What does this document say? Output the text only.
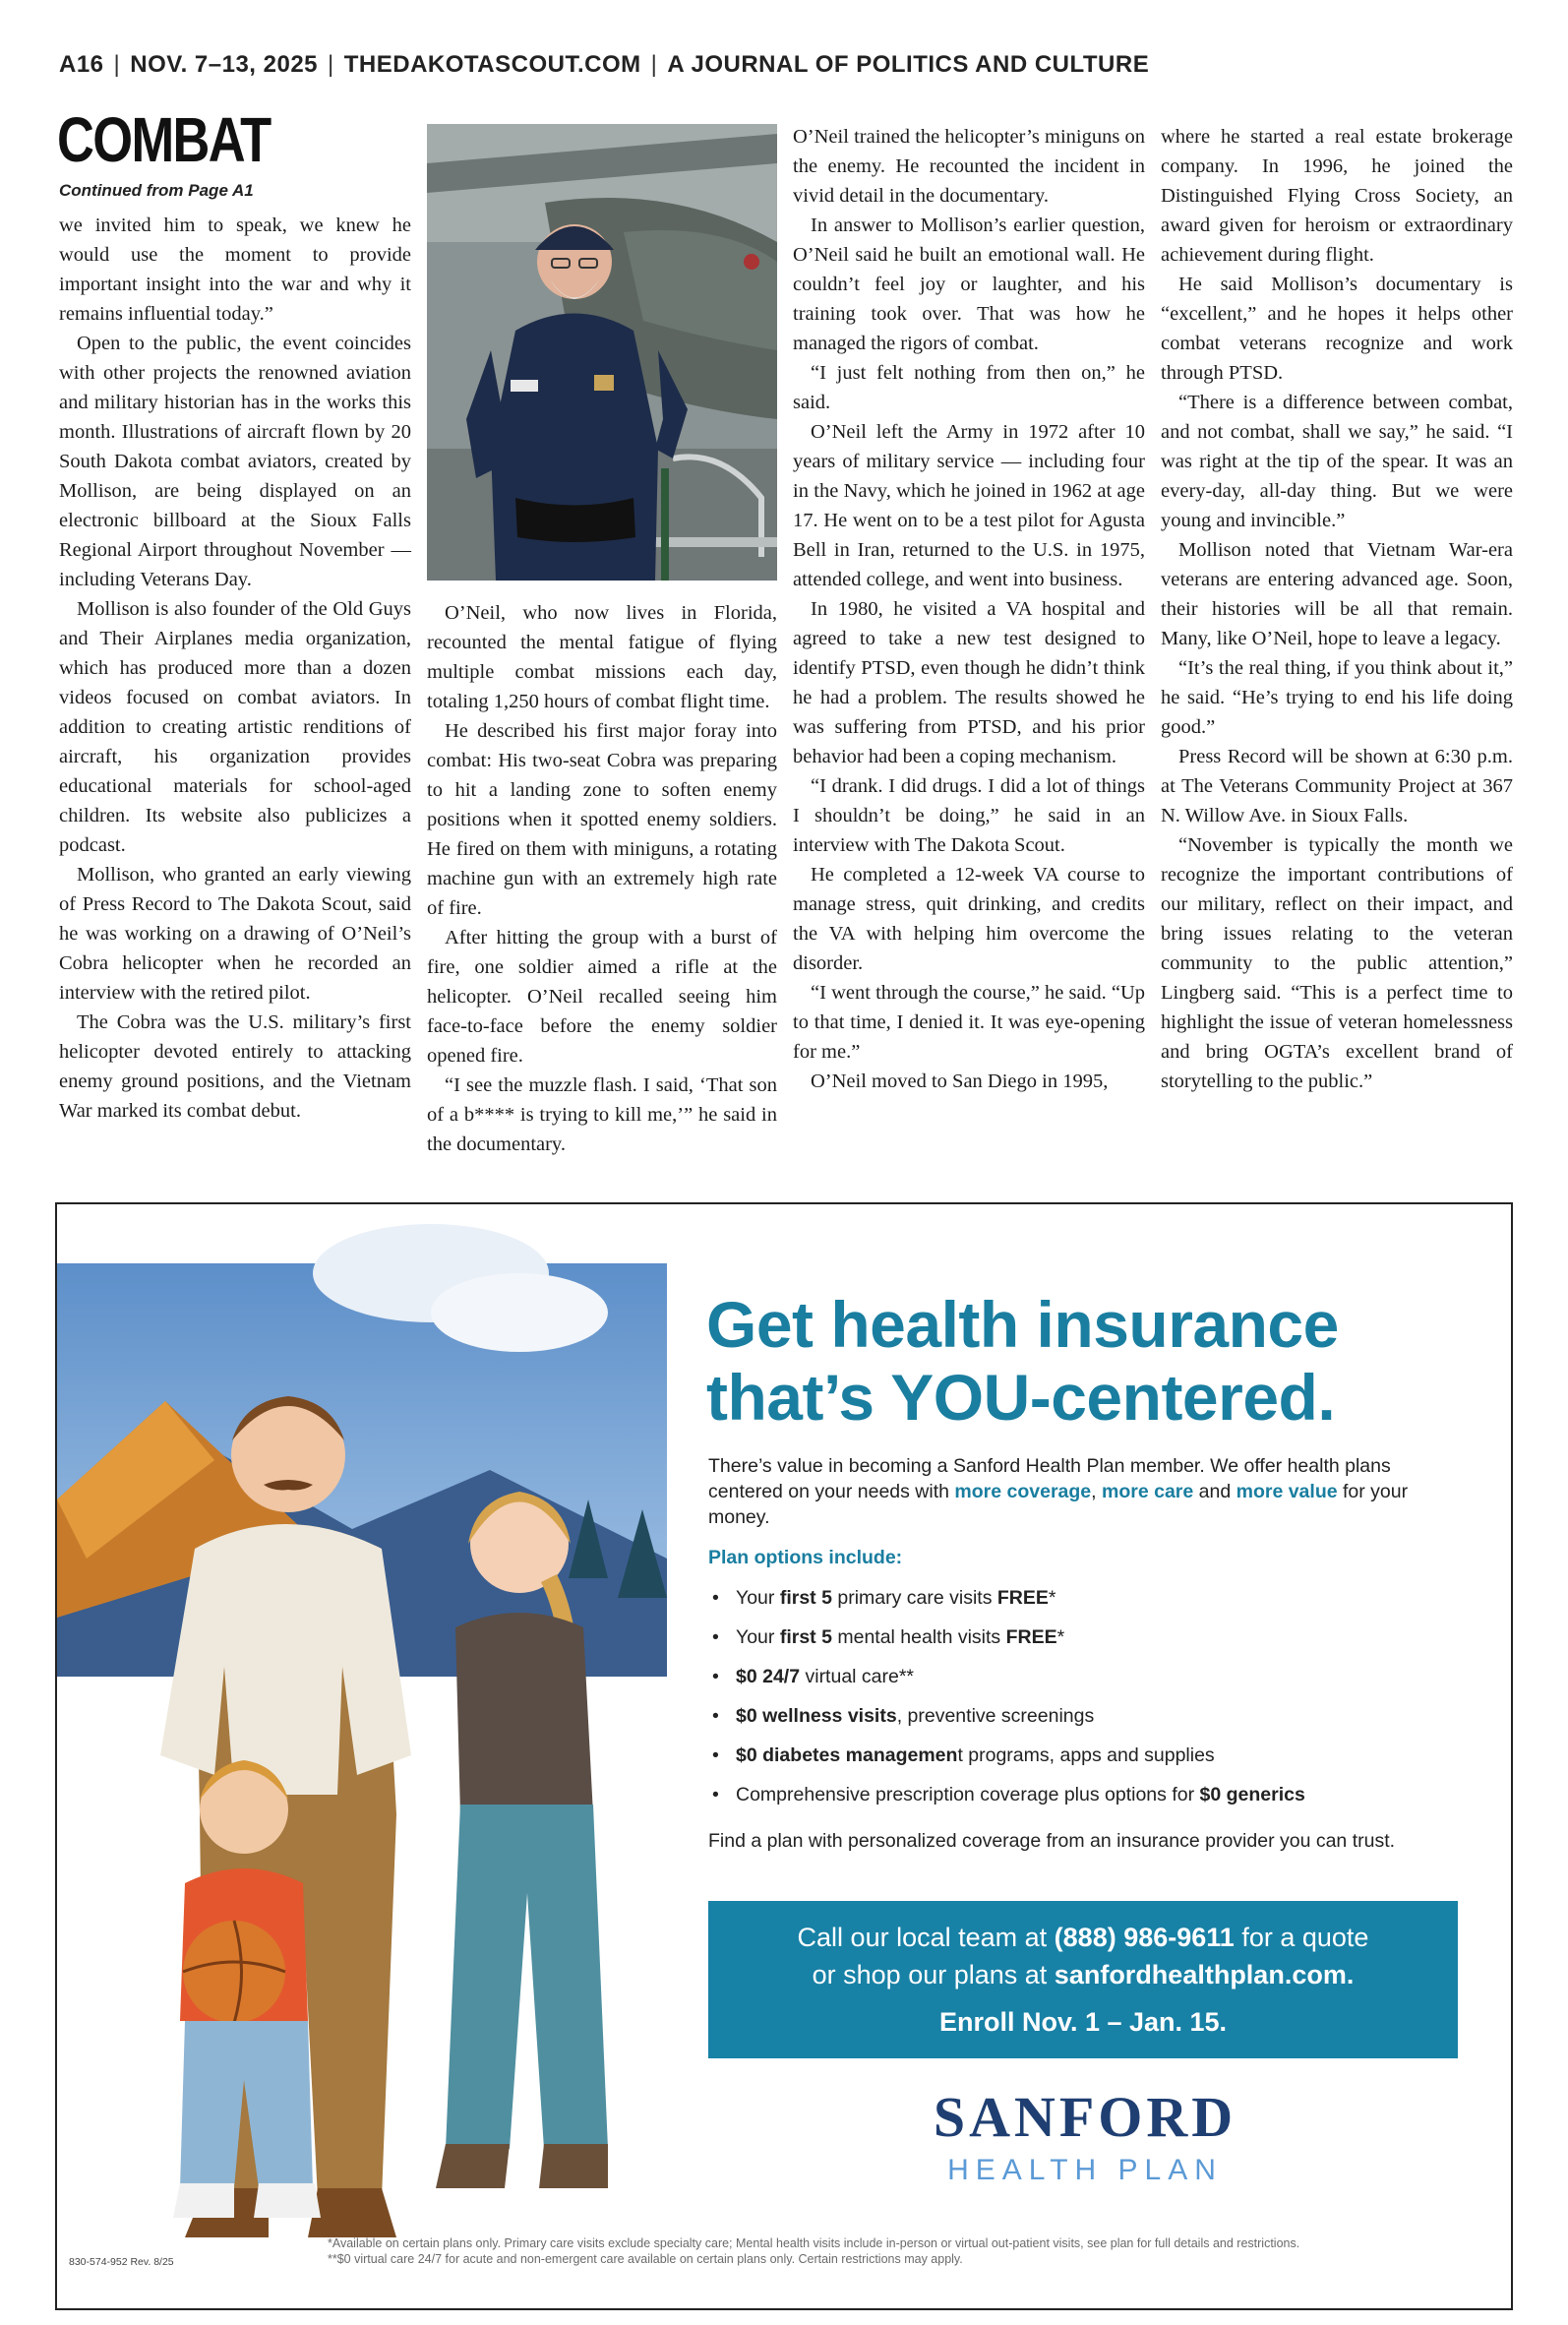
A16 | NOV. 7–13, 2025 | THEDAKOTASCOUT.COM | A JOURNAL OF POLITICS AND CULTURE
COMBAT
Continued from Page A1

we invited him to speak, we knew he would use the moment to provide important insight into the war and why it remains influential today.”

Open to the public, the event coincides with other projects the renowned aviation and military historian has in the works this month. Illustrations of aircraft flown by 20 South Dakota combat aviators, created by Mollison, are being displayed on an electronic billboard at the Sioux Falls Regional Airport throughout November — including Veterans Day.

Mollison is also founder of the Old Guys and Their Airplanes media organization, which has produced more than a dozen videos focused on combat aviators. In addition to creating artistic renditions of aircraft, his organization provides educational materials for school-aged children. Its website also publicizes a podcast.

Mollison, who granted an early viewing of Press Record to The Dakota Scout, said he was working on a drawing of O’Neil’s Cobra helicopter when he recorded an interview with the retired pilot.

The Cobra was the U.S. military’s first helicopter devoted entirely to attacking enemy ground positions, and the Vietnam War marked its combat debut.

O’Neil, who now lives in Florida, recounted the mental fatigue of flying multiple combat missions each day, totaling 1,250 hours of combat flight time.

He described his first major foray into combat: His two-seat Cobra was preparing to hit a landing zone to soften enemy positions when it spotted enemy soldiers. He fired on them with miniguns, a rotating machine gun with an extremely high rate of fire.

After hitting the group with a burst of fire, one soldier aimed a rifle at the helicopter. O’Neil recalled seeing him face-to-face before the enemy soldier opened fire.

“I see the muzzle flash. I said, ‘That son of a b**** is trying to kill me,’” he said in the documentary.

O’Neil trained the helicopter’s miniguns on the enemy. He recounted the incident in vivid detail in the documentary.

In answer to Mollison’s earlier question, O’Neil said he built an emotional wall. He couldn’t feel joy or laughter, and his training took over. That was how he managed the rigors of combat.

“I just felt nothing from then on,” he said.

O’Neil left the Army in 1972 after 10 years of military service — including four in the Navy, which he joined in 1962 at age 17. He went on to be a test pilot for Agusta Bell in Iran, returned to the U.S. in 1975, attended college, and went into business.

In 1980, he visited a VA hospital and agreed to take a new test designed to identify PTSD, even though he didn’t think he had a problem. The results showed he was suffering from PTSD, and his prior behavior had been a coping mechanism.

“I drank. I did drugs. I did a lot of things I shouldn’t be doing,” he said in an interview with The Dakota Scout.

He completed a 12-week VA course to manage stress, quit drinking, and credits the VA with helping him overcome the disorder.

“I went through the course,” he said. “Up to that time, I denied it. It was eye-opening for me.”

O’Neil moved to San Diego in 1995,

where he started a real estate brokerage company. In 1996, he joined the Distinguished Flying Cross Society, an award given for heroism or extraordinary achievement during flight.

He said Mollison’s documentary is “excellent,” and he hopes it helps other combat veterans recognize and work through PTSD.

“There is a difference between combat, and not combat, shall we say,” he said. “I was right at the tip of the spear. It was an every-day, all-day thing. But we were young and invincible.”

Mollison noted that Vietnam War-era veterans are entering advanced age. Soon, their histories will be all that remain. Many, like O’Neil, hope to leave a legacy.

“It’s the real thing, if you think about it,” he said. “He’s trying to end his life doing good.”

Press Record will be shown at 6:30 p.m. at The Veterans Community Project at 367 N. Willow Ave. in Sioux Falls.

“November is typically the month we recognize the important contributions of our military, reflect on their impact, and bring issues relating to the veteran community to the public attention,” Lingberg said. “This is a perfect time to highlight the issue of veteran homelessness and bring OGTA’s excellent brand of storytelling to the public.”

Get health insurance
that’s YOU-centered.
There’s value in becoming a Sanford Health Plan member. We offer health plans centered on your needs with more coverage, more care and more value for your money.
Plan options include:
• Your first 5 primary care visits FREE*
• Your first 5 mental health visits FREE*
• $0 24/7 virtual care**
• $0 wellness visits, preventive screenings
• $0 diabetes management programs, apps and supplies
• Comprehensive prescription coverage plus options for $0 generics
Find a plan with personalized coverage from an insurance provider you can trust.
Call our local team at (888) 986-9611 for a quote
or shop our plans at sanfordhealthplan.com.
Enroll Nov. 1 – Jan. 15.
SANFORD
HEALTH PLAN
*Available on certain plans only. Primary care visits exclude specialty care; Mental health visits include in-person or virtual out-patient visits, see plan for full details and restrictions.
**$0 virtual care 24/7 for acute and non-emergent care available on certain plans only. Certain restrictions may apply.
830-574-952 Rev. 8/25
